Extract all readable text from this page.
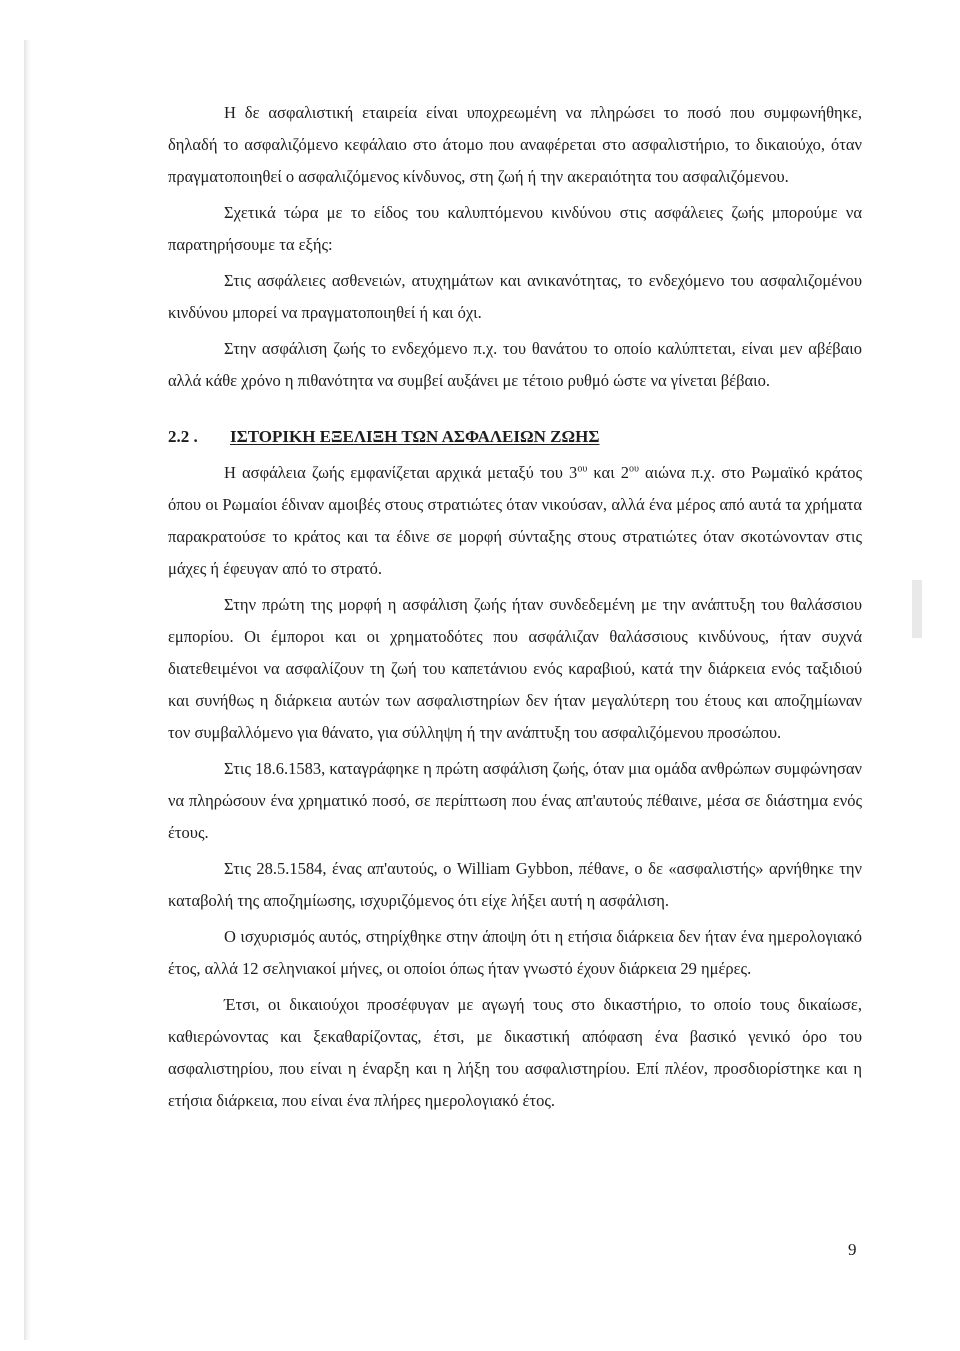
Η δε ασφαλιστική εταιρεία είναι υποχρεωμένη να πληρώσει το ποσό που συμφωνήθηκε, δηλαδή το ασφαλιζόμενο κεφάλαιο στο άτομο που αναφέρεται στο ασφαλιστήριο, το δικαιούχο, όταν πραγματοποιηθεί ο ασφαλιζόμενος κίνδυνος, στη ζωή ή την ακεραιότητα του ασφαλιζόμενου.

Σχετικά τώρα με το είδος του καλυπτόμενου κινδύνου στις ασφάλειες ζωής μπορούμε να παρατηρήσουμε τα εξής:

Στις ασφάλειες ασθενειών, ατυχημάτων και ανικανότητας, το ενδεχόμενο του ασφαλιζομένου κινδύνου μπορεί να πραγματοποιηθεί ή και όχι.

Στην ασφάλιση ζωής το ενδεχόμενο π.χ. του θανάτου το οποίο καλύπτεται, είναι μεν αβέβαιο αλλά κάθε χρόνο η πιθανότητα να συμβεί αυξάνει με τέτοιο ρυθμό ώστε να γίνεται βέβαιο.

2.2 . ΙΣΤΟΡΙΚΗ ΕΞΕΛΙΞΗ ΤΩΝ ΑΣΦΑΛΕΙΩΝ ΖΩΗΣ

Η ασφάλεια ζωής εμφανίζεται αρχικά μεταξύ του $3^{o\upsilon}$ και $2^{o\upsilon}$ αιώνα π.χ. στο Ρωμαϊκό κράτος όπου οι Ρωμαίοι έδιναν αμοιβές στους στρατιώτες όταν νικούσαν, αλλά ένα μέρος από αυτά τα χρήματα παρακρατούσε το κράτος και τα έδινε σε μορφή σύνταξης στους στρατιώτες όταν σκοτώνονταν στις μάχες ή έφευγαν από το στρατό.

Στην πρώτη της μορφή η ασφάλιση ζωής ήταν συνδεδεμένη με την ανάπτυξη του θαλάσσιου εμπορίου. Οι έμποροι και οι χρηματοδότες που ασφάλιζαν θαλάσσιους κινδύνους, ήταν συχνά διατεθειμένοι να ασφαλίζουν τη ζωή του καπετάνιου ενός καραβιού, κατά την διάρκεια ενός ταξιδιού και συνήθως η διάρκεια αυτών των ασφαλιστηρίων δεν ήταν μεγαλύτερη του έτους και αποζημίωναν τον συμβαλλόμενο για θάνατο, για σύλληψη ή την ανάπτυξη του ασφαλιζόμενου προσώπου.

Στις 18.6.1583, καταγράφηκε η πρώτη ασφάλιση ζωής, όταν μια ομάδα ανθρώπων συμφώνησαν να πληρώσουν ένα χρηματικό ποσό, σε περίπτωση που ένας απ'αυτούς πέθαινε, μέσα σε διάστημα ενός έτους.

Στις 28.5.1584, ένας απ'αυτούς, ο William Gybbon, πέθανε, ο δε «ασφαλιστής» αρνήθηκε την καταβολή της αποζημίωσης, ισχυριζόμενος ότι είχε λήξει αυτή η ασφάλιση.

Ο ισχυρισμός αυτός, στηρίχθηκε στην άποψη ότι η ετήσια διάρκεια δεν ήταν ένα ημερολογιακό έτος, αλλά 12 σεληνιακοί μήνες, οι οποίοι όπως ήταν γνωστό έχουν διάρκεια 29 ημέρες.

Έτσι, οι δικαιούχοι προσέφυγαν με αγωγή τους στο δικαστήριο, το οποίο τους δικαίωσε, καθιερώνοντας και ξεκαθαρίζοντας, έτσι, με δικαστική απόφαση ένα βασικό γενικό όρο του ασφαλιστηρίου, που είναι η έναρξη και η λήξη του ασφαλιστηρίου. Επί πλέον, προσδιορίστηκε και η ετήσια διάρκεια, που είναι ένα πλήρες ημερολογιακό έτος.

9
